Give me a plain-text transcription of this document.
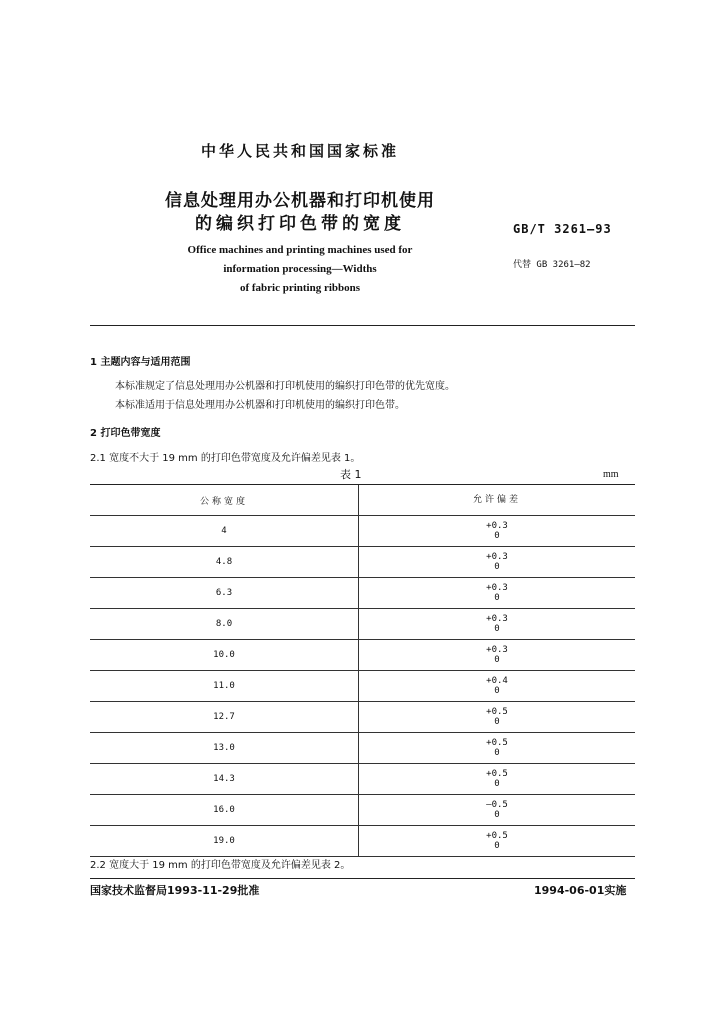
中华人民共和国国家标准
信息处理用办公机器和打印机使用
的编织打印色带的宽度
Office machines and printing machines used for
information processing—Widths
of fabric printing ribbons
GB/T 3261—93
代替 GB 3261—82
1 主题内容与适用范围
本标准规定了信息处理用办公机器和打印机使用的编织打印色带的优先宽度。
本标准适用于信息处理用办公机器和打印机使用的编织打印色带。
2 打印色带宽度
2.1 宽度不大于 19 mm 的打印色带宽度及允许偏差见表 1。
表 1	mm
公称宽度	允许偏差
4	+0.3
0
4.8	+0.3
0
6.3	+0.3
0
8.0	+0.3
0
10.0	+0.3
0
11.0	+0.4
0
12.7	+0.5
0
13.0	+0.5
0
14.3	+0.5
0
16.0	—0.5
0
19.0	+0.5
0
2.2 宽度大于 19 mm 的打印色带宽度及允许偏差见表 2。
国家技术监督局1993-11-29批准	1994-06-01实施
